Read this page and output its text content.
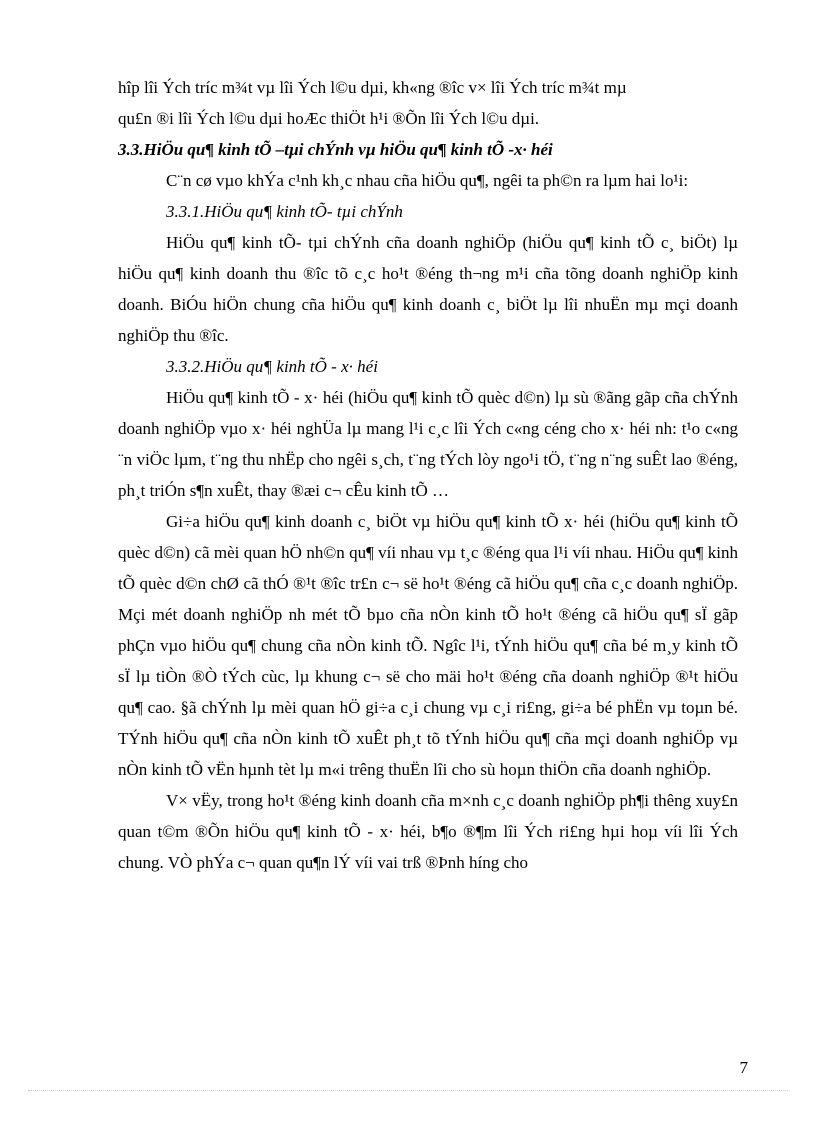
hîp lîi Ých tríc m¾t vµ lîi Ých l©u dµi, kh«ng ®îc v× lîi Ých tríc m¾t mµ

qu£n ®i lîi Ých l©u dµi hoÆc thiÖt h¹i ®Õn lîi Ých l©u dµi.

3.3.HiÖu qu¶ kinh tÕ –tµi chÝnh vµ hiÖu qu¶ kinh tÕ -x· héi

C¨n cø vµo khÝa c¹nh kh¸c nhau cña hiÖu qu¶, ngêi ta ph©n ra lµm hai lo¹i:

3.3.1.HiÖu qu¶ kinh tÕ- tµi chÝnh

HiÖu qu¶ kinh tÕ- tµi chÝnh cña doanh nghiÖp (hiÖu qu¶ kinh tÕ c¸ biÖt) lµ hiÖu qu¶ kinh doanh thu ®îc tõ c¸c ho¹t ®éng th¬ng m¹i cña tõng doanh nghiÖp kinh doanh. BiÓu hiÖn chung cña hiÖu qu¶ kinh doanh c¸ biÖt lµ lîi nhuËn mµ mçi doanh nghiÖp thu ®îc.

3.3.2.HiÖu qu¶ kinh tÕ - x· héi

HiÖu qu¶ kinh tÕ - x· héi (hiÖu qu¶ kinh tÕ quèc d©n) lµ sù ®ãng gãp cña chÝnh doanh nghiÖp vµo x· héi nghÜa lµ mang l¹i c¸c lîi Ých c«ng céng cho x· héi nh: t¹o c«ng ¨n viÖc lµm, t¨ng thu nhËp cho ngêi s¸ch, t¨ng tÝch lòy ngo¹i tÖ, t¨ng n¨ng suÊt lao ®éng, ph¸t triÓn s¶n xuÊt, thay ®æi c¬ cÊu kinh tÕ …

Gi÷a hiÖu qu¶ kinh doanh c¸ biÖt vµ hiÖu qu¶ kinh tÕ x· héi (hiÖu qu¶ kinh tÕ quèc d©n) cã mèi quan hÖ nh©n qu¶ víi nhau vµ t¸c ®éng qua l¹i víi nhau. HiÖu qu¶ kinh tÕ quèc d©n chØ cã thÓ ®¹t ®îc tr£n c¬ së ho¹t ®éng cã hiÖu qu¶ cña c¸c doanh nghiÖp. Mçi mét doanh nghiÖp nh mét tÕ bµo cña nÒn kinh tÕ ho¹t ®éng cã hiÖu qu¶ sÏ gãp phÇn vµo hiÖu qu¶ chung cña nÒn kinh tÕ. Ngîc l¹i, tÝnh hiÖu qu¶ cña bé m¸y kinh tÕ sÏ lµ tiÒn ®Ò tÝch cùc, lµ khung c¬ së cho mäi ho¹t ®éng cña doanh nghiÖp ®¹t hiÖu qu¶ cao. §ã chÝnh lµ mèi quan hÖ gi÷a c¸i chung vµ c¸i ri£ng, gi÷a bé phËn vµ toµn bé. TÝnh hiÖu qu¶ cña nÒn kinh tÕ xuÊt ph¸t tõ tÝnh hiÖu qu¶ cña mçi doanh nghiÖp vµ nÒn kinh tÕ vËn hµnh tèt lµ m«i trêng thuËn lîi cho sù hoµn thiÖn cña doanh nghiÖp.

V× vËy, trong ho¹t ®éng kinh doanh cña m×nh c¸c doanh nghiÖp ph¶i thêng xuy£n quan t©m ®Õn hiÖu qu¶ kinh tÕ - x· héi, b¶o ®¶m lîi Ých ri£ng hµi hoµ víi lîi Ých chung. VÒ phÝa c¬ quan qu¶n lÝ víi vai trß ®Þnh híng cho

7
